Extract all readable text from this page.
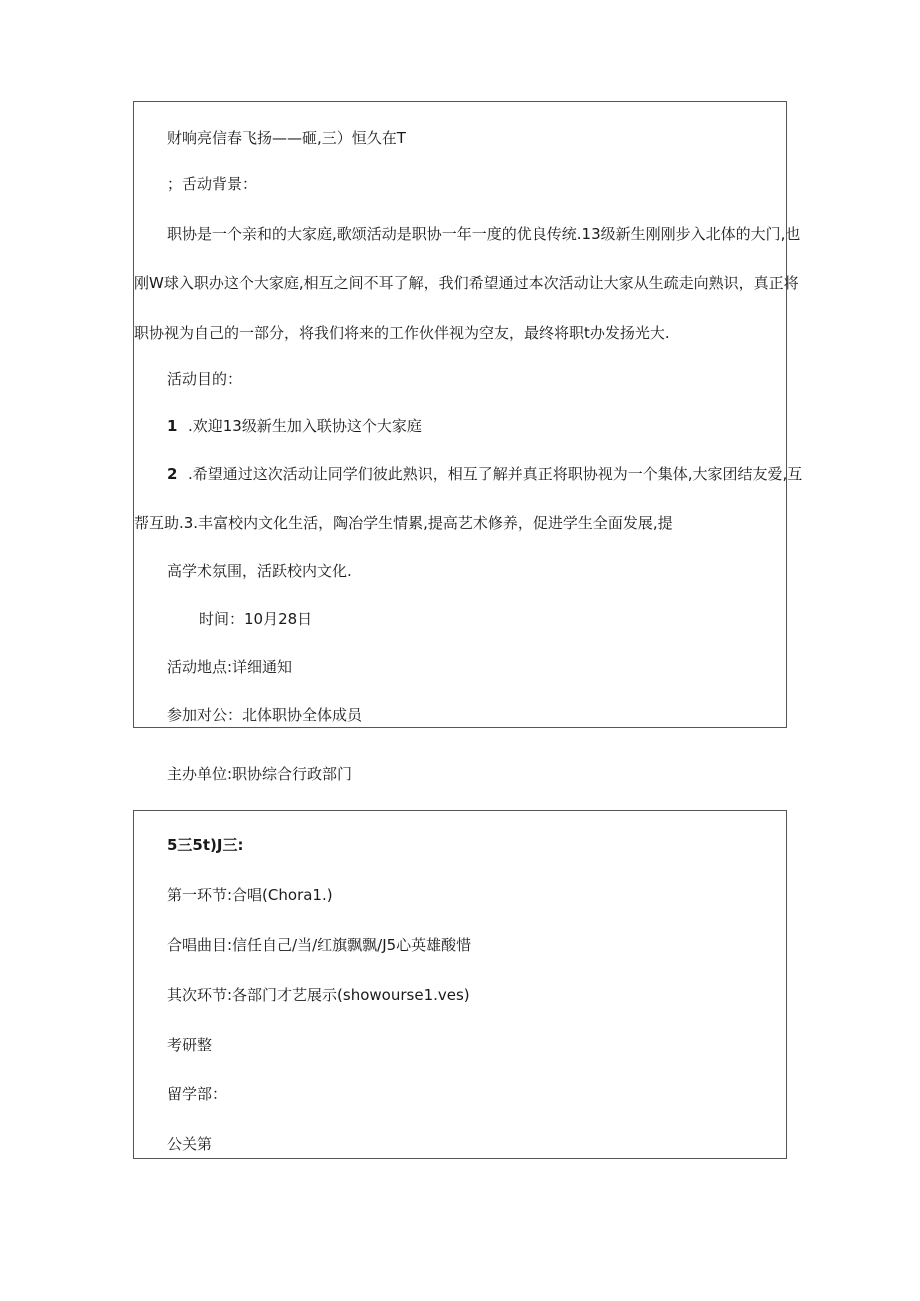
财响亮信春飞扬——砸,三）恒久在T
；舌动背景：
职协是一个亲和的大家庭,歌颂活动是职协一年一度的优良传统.13级新生刚刚步入北体的大门,也
刚W球入职办这个大家庭,相互之间不耳了解，我们希望通过本次活动让大家从生疏走向熟识，真正将
职协视为自己的一部分，将我们将来的工作伙伴视为空友，最终将职t办发扬光大.
活动目的：
1 .欢迎13级新生加入联协这个大家庭
2 .希望通过这次活动让同学们彼此熟识，相互了解并真正将职协视为一个集体,大家团结友爱,互
帮互助.3.丰富校内文化生活，陶冶学生情累,提高艺术修养，促进学生全面发展,提
高学术氛围，活跃校内文化.
时间：10月28日
活动地点:详细通知
参加对公：北体职协全体成员
主办单位:职协综合行政部门
5三5t)J三:
第一环节:合唱(Chora1.)
合唱曲目:信任自己/当/红旗飘飘/J5心英雄酸惜
其次环节:各部门才艺展示(showourse1.ves)
考研整
留学部：
公关第
